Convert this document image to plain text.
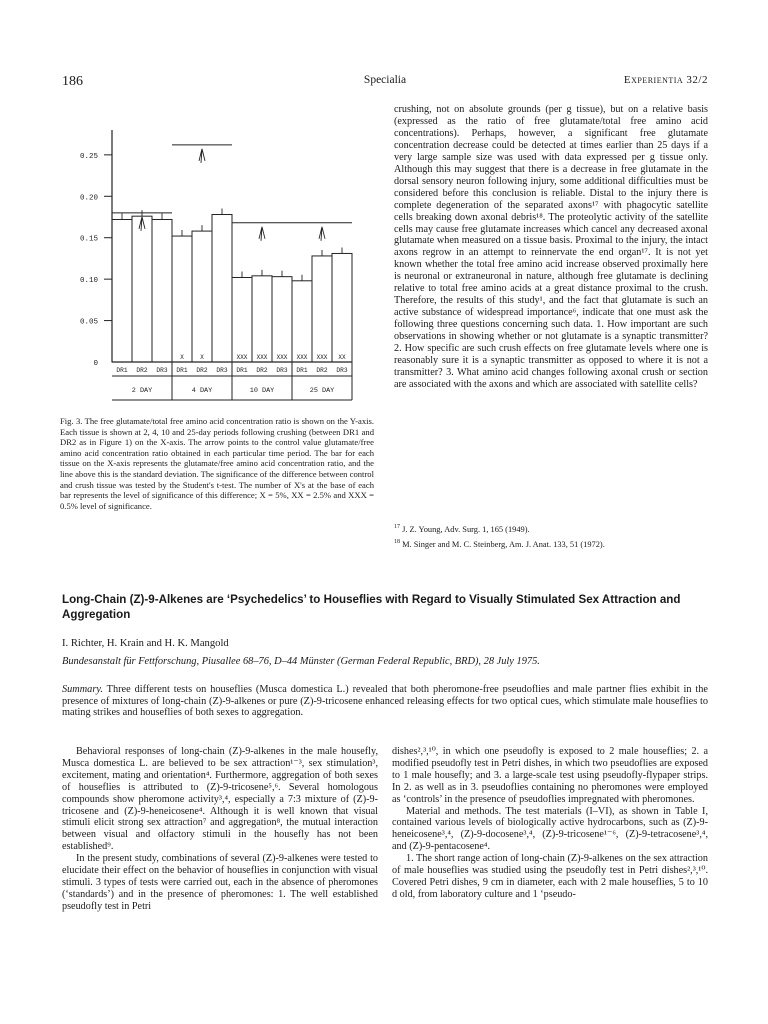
186	Specialia	Experientia 32/2
0.25
0.20
0.15
0.10
0.05
0
2 DAY	4 DAY	10 DAY	25 DAY
DR1 DR2 DR3 DR1
X
DR2
X
DR3 DR1
XXX
DR2
XXX
DR3
XXX
DR1
XXX
DR2
XXX
DR3
XX
Fig. 3. The free glutamate/total free amino acid concentration ratio is shown on the Y-axis. Each tissue is shown at 2, 4, 10 and 25-day periods following crushing (between DR1 and DR2 as in Figure 1) on the X-axis. The arrow points to the control value glutamate/free amino acid concentration ratio obtained in each particular time period. The bar for each tissue on the X-axis represents the glutamate/free amino acid concentration ratio, and the line above this is the standard deviation. The significance of the difference between control and crush tissue was tested by the Student's t-test. The number of X's at the base of each bar represents the level of significance of this difference; X = 5%, XX = 2.5% and XXX = 0.5% level of significance.
crushing, not on absolute grounds (per g tissue), but on a relative basis (expressed as the ratio of free glutamate/total free amino acid concentrations). Perhaps, however, a significant free glutamate concentration decrease could be detected at times earlier than 25 days if a very large sample size was used with data expressed per g tissue only. Although this may suggest that there is a decrease in free glutamate in the dorsal sensory neuron following injury, some additional difficulties must be considered before this conclusion is reliable. Distal to the injury there is complete degeneration of the separated axons¹⁷ with phagocytic satellite cells breaking down axonal debris¹⁸. The proteolytic activity of the satellite cells may cause free glutamate increases which cancel any decreased axonal glutamate when measured on a tissue basis. Proximal to the injury, the intact axons regrow in an attempt to reinnervate the end organ¹⁷. It is not yet known whether the total free amino acid increase observed proximally here is neuronal or extraneuronal in nature, although free glutamate is declining relative to total free amino acids at a great distance proximal to the crush. Therefore, the results of this study¹, and the fact that glutamate is such an active substance of widespread importance⁶, indicate that one must ask the following three questions concerning such data. 1. How important are such observations in showing whether or not glutamate is a synaptic transmitter? 2. How specific are such crush effects on free glutamate levels where one is reasonably sure it is a synaptic transmitter as opposed to where it is not a transmitter? 3. What amino acid changes following axonal crush or section are associated with the axons and which are associated with satellite cells?
$^{17}$ J. Z. Young, Adv. Surg. 1, 165 (1949).
$^{18}$ M. Singer and M. C. Steinberg, Am. J. Anat. 133, 51 (1972).
Long-Chain (Z)-9-Alkenes are ‘Psychedelics’ to Houseflies with Regard to Visually Stimulated Sex Attraction and Aggregation
I. Richter, H. Krain and H. K. Mangold
Bundesanstalt für Fettforschung, Piusallee 68–76, D–44 Münster (German Federal Republic, BRD), 28 July 1975.
Summary. Three different tests on houseflies (Musca domestica L.) revealed that both pheromone-free pseudoflies and male partner flies exhibit in the presence of mixtures of long-chain (Z)-9-alkenes or pure (Z)-9-tricosene enhanced releasing effects for two optical cues, which stimulate male houseflies to mating strikes and houseflies of both sexes to aggregation.

Behavioral responses of long-chain (Z)-9-alkenes in the male housefly, Musca domestica L. are believed to be sex attraction¹⁻³, sex stimulation³, excitement, mating and orientation⁴. Furthermore, aggregation of both sexes of houseflies is attributed to (Z)-9-tricosene⁵,⁶. Several homologous compounds show pheromone activity³,⁴, especially a 7:3 mixture of (Z)-9-tricosene and (Z)-9-heneicosene⁴. Although it is well known that visual stimuli elicit strong sex attraction⁷ and aggregation⁸, the mutual interaction between visual and olfactory stimuli in the housefly has not been established⁹.

In the present study, combinations of several (Z)-9-alkenes were tested to elucidate their effect on the behavior of houseflies in conjunction with visual stimuli. 3 types of tests were carried out, each in the absence of pheromones (‘standards’) and in the presence of pheromones: 1. The well established pseudofly test in Petri

dishes²,³,¹⁰, in which one pseudofly is exposed to 2 male houseflies; 2. a modified pseudofly test in Petri dishes, in which two pseudoflies are exposed to 1 male housefly; and 3. a large-scale test using pseudofly-flypaper strips. In 2. as well as in 3. pseudoflies containing no pheromones were employed as ‘controls’ in the presence of pseudoflies impregnated with pheromones.

Material and methods. The test materials (I–VI), as shown in Table I, contained various levels of biologically active hydrocarbons, such as (Z)-9-heneicosene³,⁴, (Z)-9-docosene³,⁴, (Z)-9-tricosene¹⁻⁶, (Z)-9-tetracosene³,⁴, and (Z)-9-pentacosene⁴.

1. The short range action of long-chain (Z)-9-alkenes on the sex attraction of male houseflies was studied using the pseudofly test in Petri dishes²,³,¹⁰. Covered Petri dishes, 9 cm in diameter, each with 2 male houseflies, 5 to 10 d old, from laboratory culture and 1 ‘pseudo-
